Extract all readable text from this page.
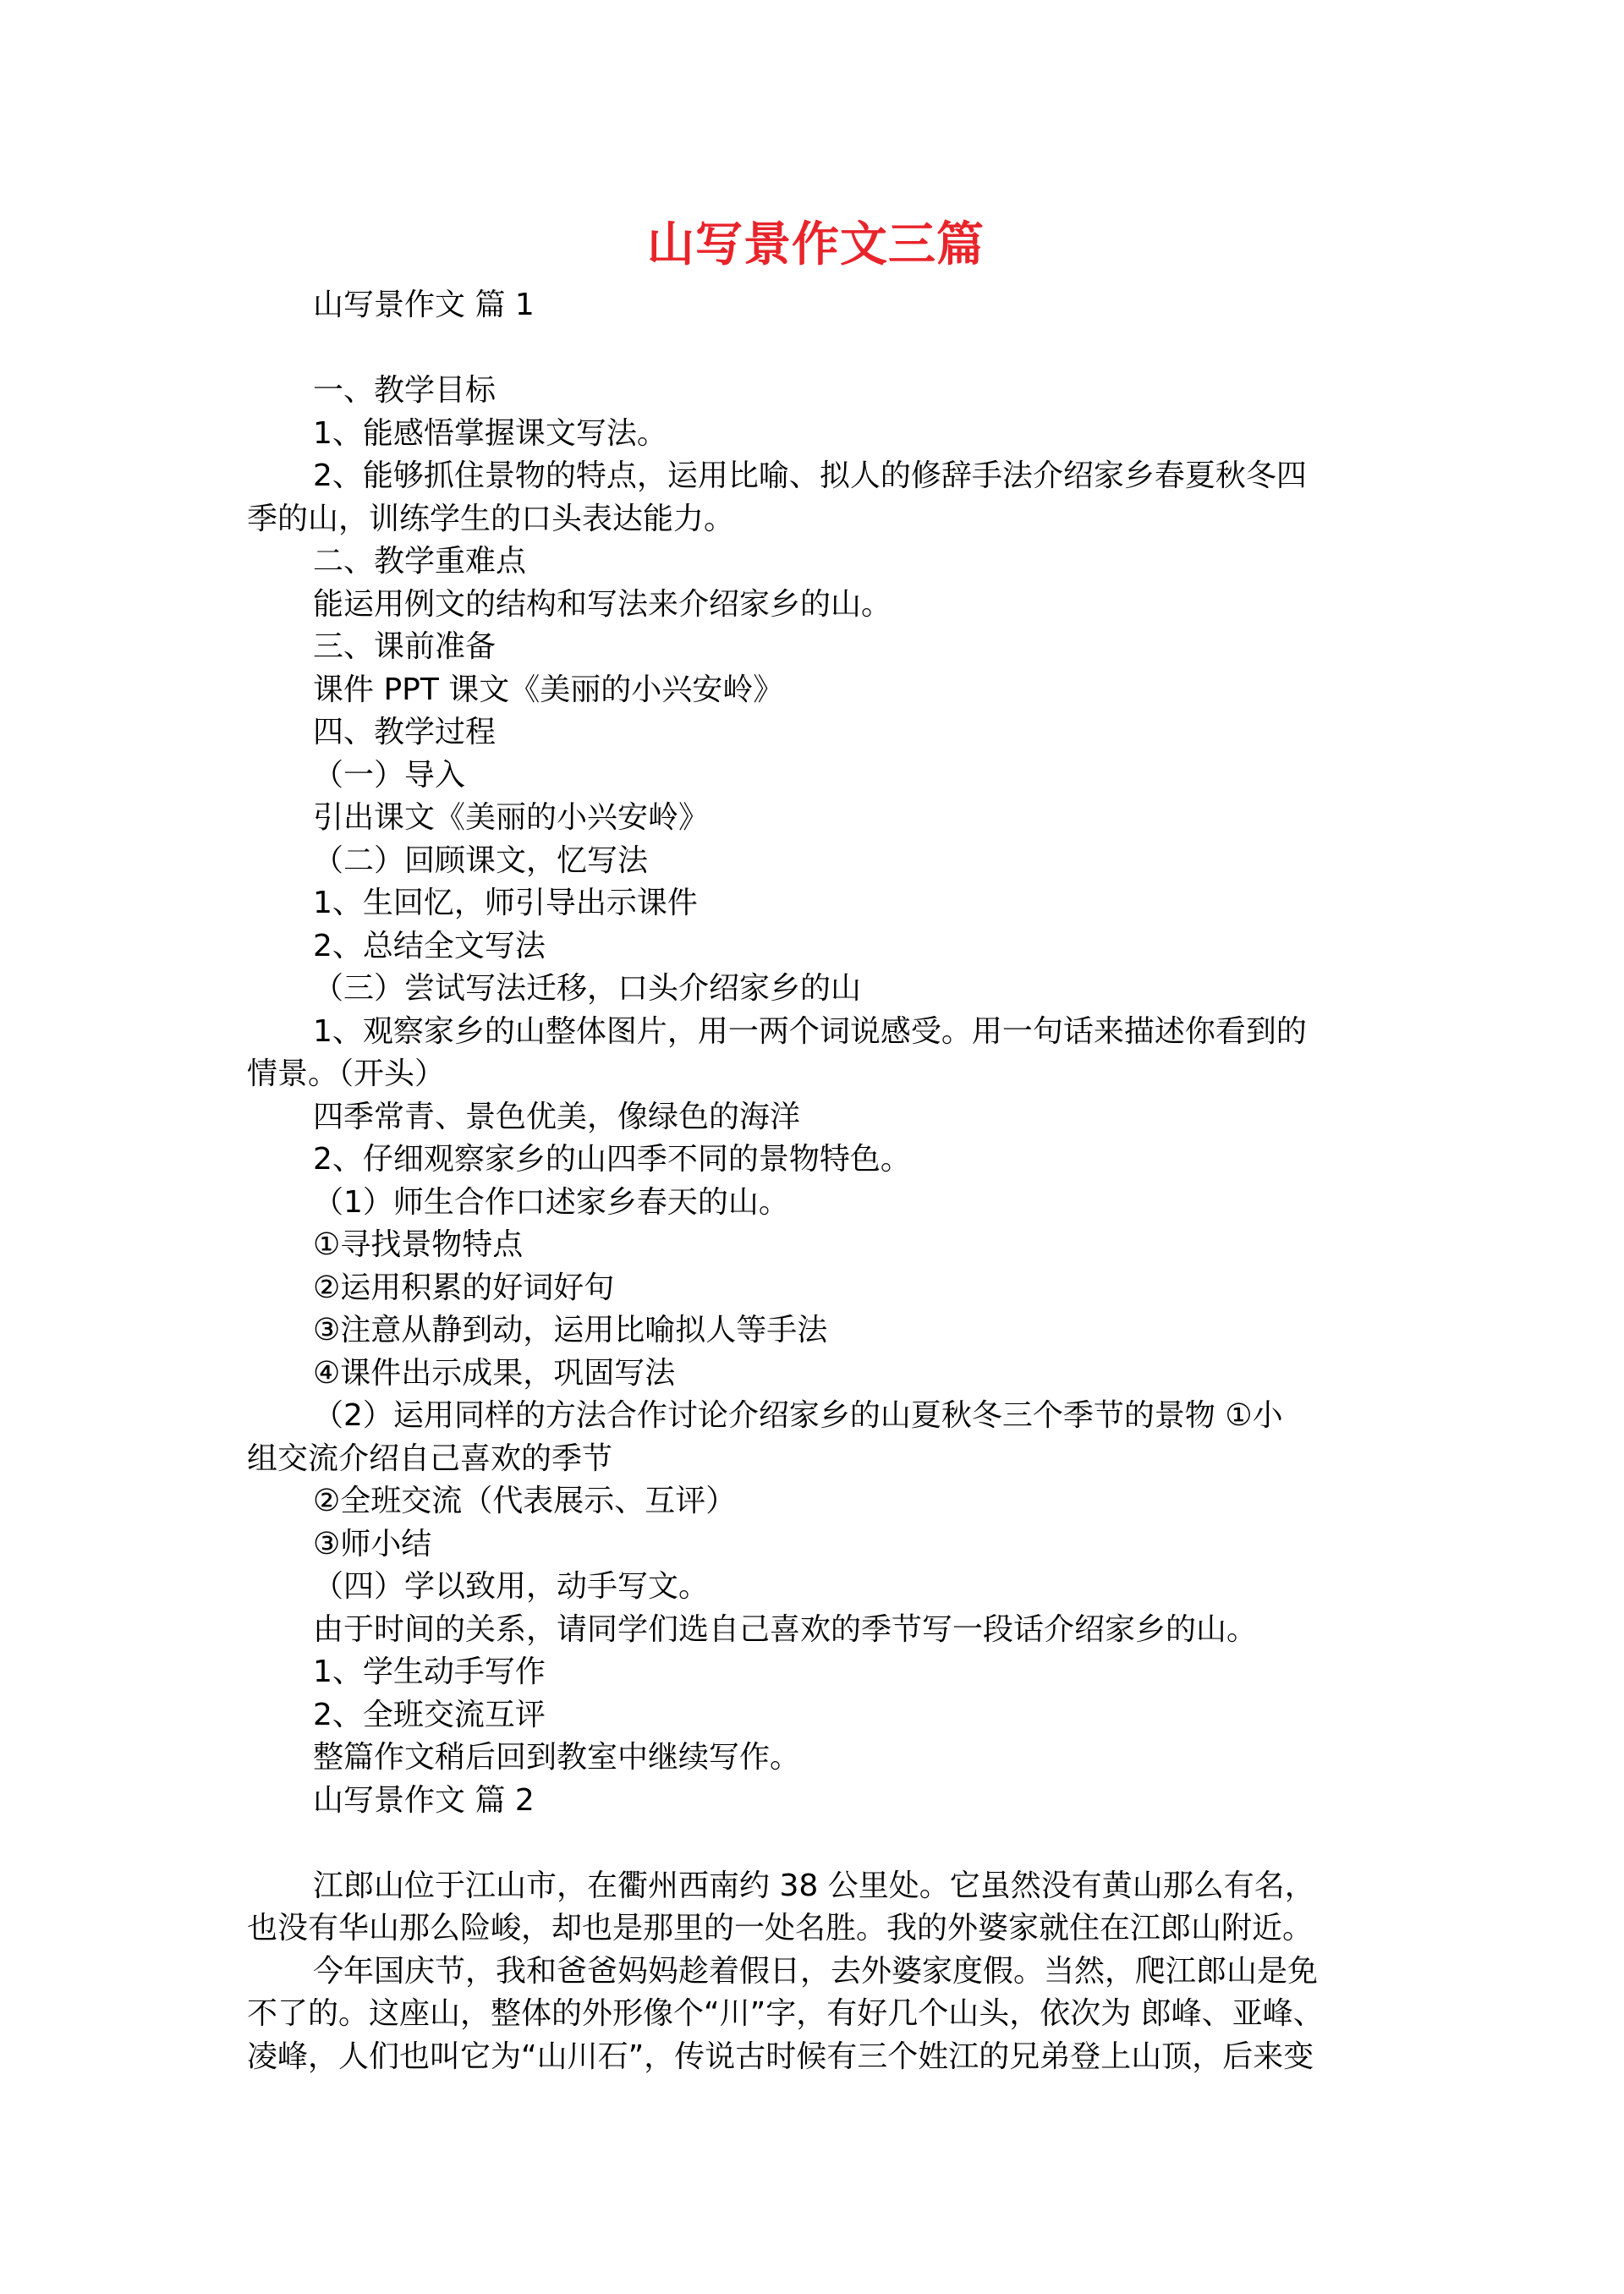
山写景作文三篇
山写景作文 篇 1
一、教学目标
1、能感悟掌握课文写法。
2、能够抓住景物的特点，运用比喻、拟人的修辞手法介绍家乡春夏秋冬四
季的山，训练学生的口头表达能力。
二、教学重难点
能运用例文的结构和写法来介绍家乡的山。
三、课前准备
课件 PPT 课文《美丽的小兴安岭》
四、教学过程
（一）导入
引出课文《美丽的小兴安岭》
（二）回顾课文，忆写法
1、生回忆，师引导出示课件
2、总结全文写法
（三）尝试写法迁移，口头介绍家乡的山
1、观察家乡的山整体图片，用一两个词说感受。用一句话来描述你看到的
情景。（开头）
四季常青、景色优美，像绿色的海洋
2、仔细观察家乡的山四季不同的景物特色。
（1）师生合作口述家乡春天的山。
①寻找景物特点
②运用积累的好词好句
③注意从静到动，运用比喻拟人等手法
④课件出示成果，巩固写法
（2）运用同样的方法合作讨论介绍家乡的山夏秋冬三个季节的景物 ①小
组交流介绍自己喜欢的季节
②全班交流（代表展示、互评）
③师小结
（四）学以致用，动手写文。
由于时间的关系，请同学们选自己喜欢的季节写一段话介绍家乡的山。
1、学生动手写作
2、全班交流互评
整篇作文稍后回到教室中继续写作。
山写景作文 篇 2
江郎山位于江山市，在衢州西南约 38 公里处。它虽然没有黄山那么有名，
也没有华山那么险峻，却也是那里的一处名胜。我的外婆家就住在江郎山附近。
今年国庆节，我和爸爸妈妈趁着假日，去外婆家度假。当然，爬江郎山是免
不了的。这座山，整体的外形像个“川”字，有好几个山头，依次为 郎峰、亚峰、
凌峰，人们也叫它为“山川石”，传说古时候有三个姓江的兄弟登上山顶，后来变
